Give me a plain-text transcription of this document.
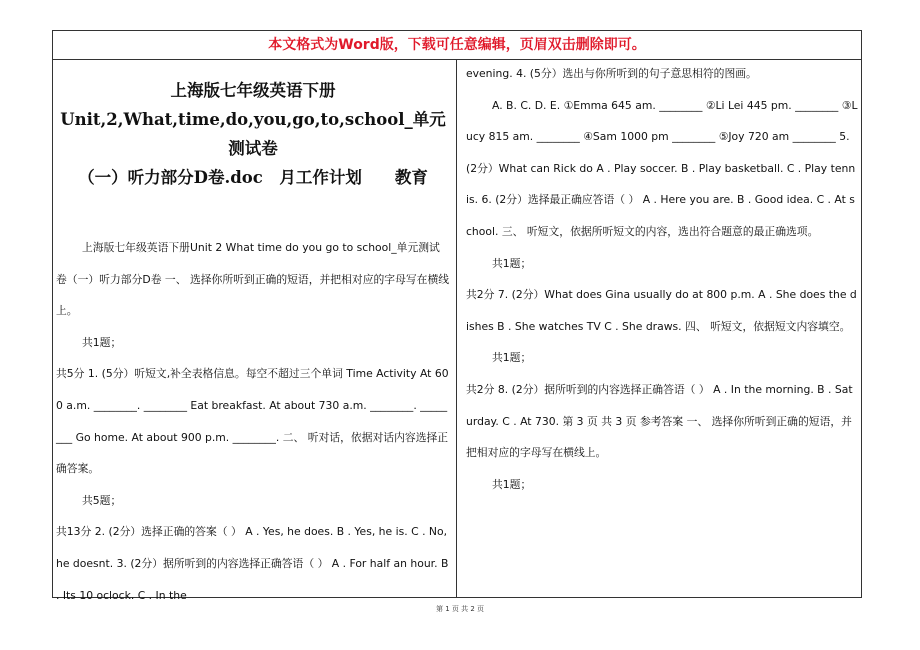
本文格式为Word版，下载可任意编辑，页眉双击删除即可。
上海版七年级英语下册
Unit,2,What,time,do,you,go,to,school_单元测试卷
（一）听力部分D卷.doc　月工作计划　　教育

上海版七年级英语下册Unit 2 What time do you go to school_单元测试卷（一）听力部分D卷 一、 选择你所听到正确的短语，并把相对应的字母写在横线上。

共1题；

共5分 1. (5分）听短文,补全表格信息。每空不超过三个单词 Time Activity At 600 a.m. ________. ________ Eat breakfast. At about 730 a.m. ________. ________ Go home. At about 900 p.m. ________. 二、 听对话，依据对话内容选择正确答案。

共5题；

共13分 2. (2分）选择正确的答案（ ） A . Yes, he does. B . Yes, he is. C . No, he doesnt. 3. (2分）据所听到的内容选择正确答语（ ） A . For half an hour. B . Its 10 oclock. C . In the

evening. 4. (5分）选出与你所听到的句子意思相符的图画。

A. B. C. D. E. ①Emma 645 am. ________ ②Li Lei 445 pm. ________ ③Lucy 815 am. ________ ④Sam 1000 pm ________ ⑤Joy 720 am ________ 5. (2分）What can Rick do A . Play soccer. B . Play basketball. C . Play tennis. 6. (2分）选择最正确应答语（ ） A . Here you are. B . Good idea. C . At school. 三、 听短文，依据所听短文的内容，选出符合题意的最正确选项。

共1题；

共2分 7. (2分）What does Gina usually do at 800 p.m. A . She does the dishes B . She watches TV C . She draws. 四、 听短文，依据短文内容填空。

共1题；

共2分 8. (2分）据所听到的内容选择正确答语（ ） A . In the morning. B . Saturday. C . At 730. 第 3 页 共 3 页 参考答案 一、 选择你所听到正确的短语，并把相对应的字母写在横线上。

共1题；

第 1 页 共 2 页
